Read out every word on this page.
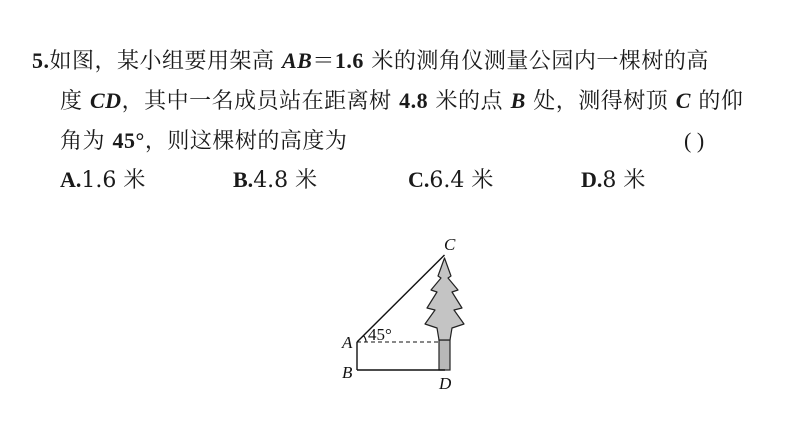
5.如图，某小组要用架高 AB＝1.6 米的测角仪测量公园内一棵树的高
度 CD，其中一名成员站在距离树 4.8 米的点 B 处，测得树顶 C 的仰
角为 45°，则这棵树的高度为	( )
A.1.6 米	B.4.8 米	C.6.4 米	D.8 米
C
A
B
D
45°
